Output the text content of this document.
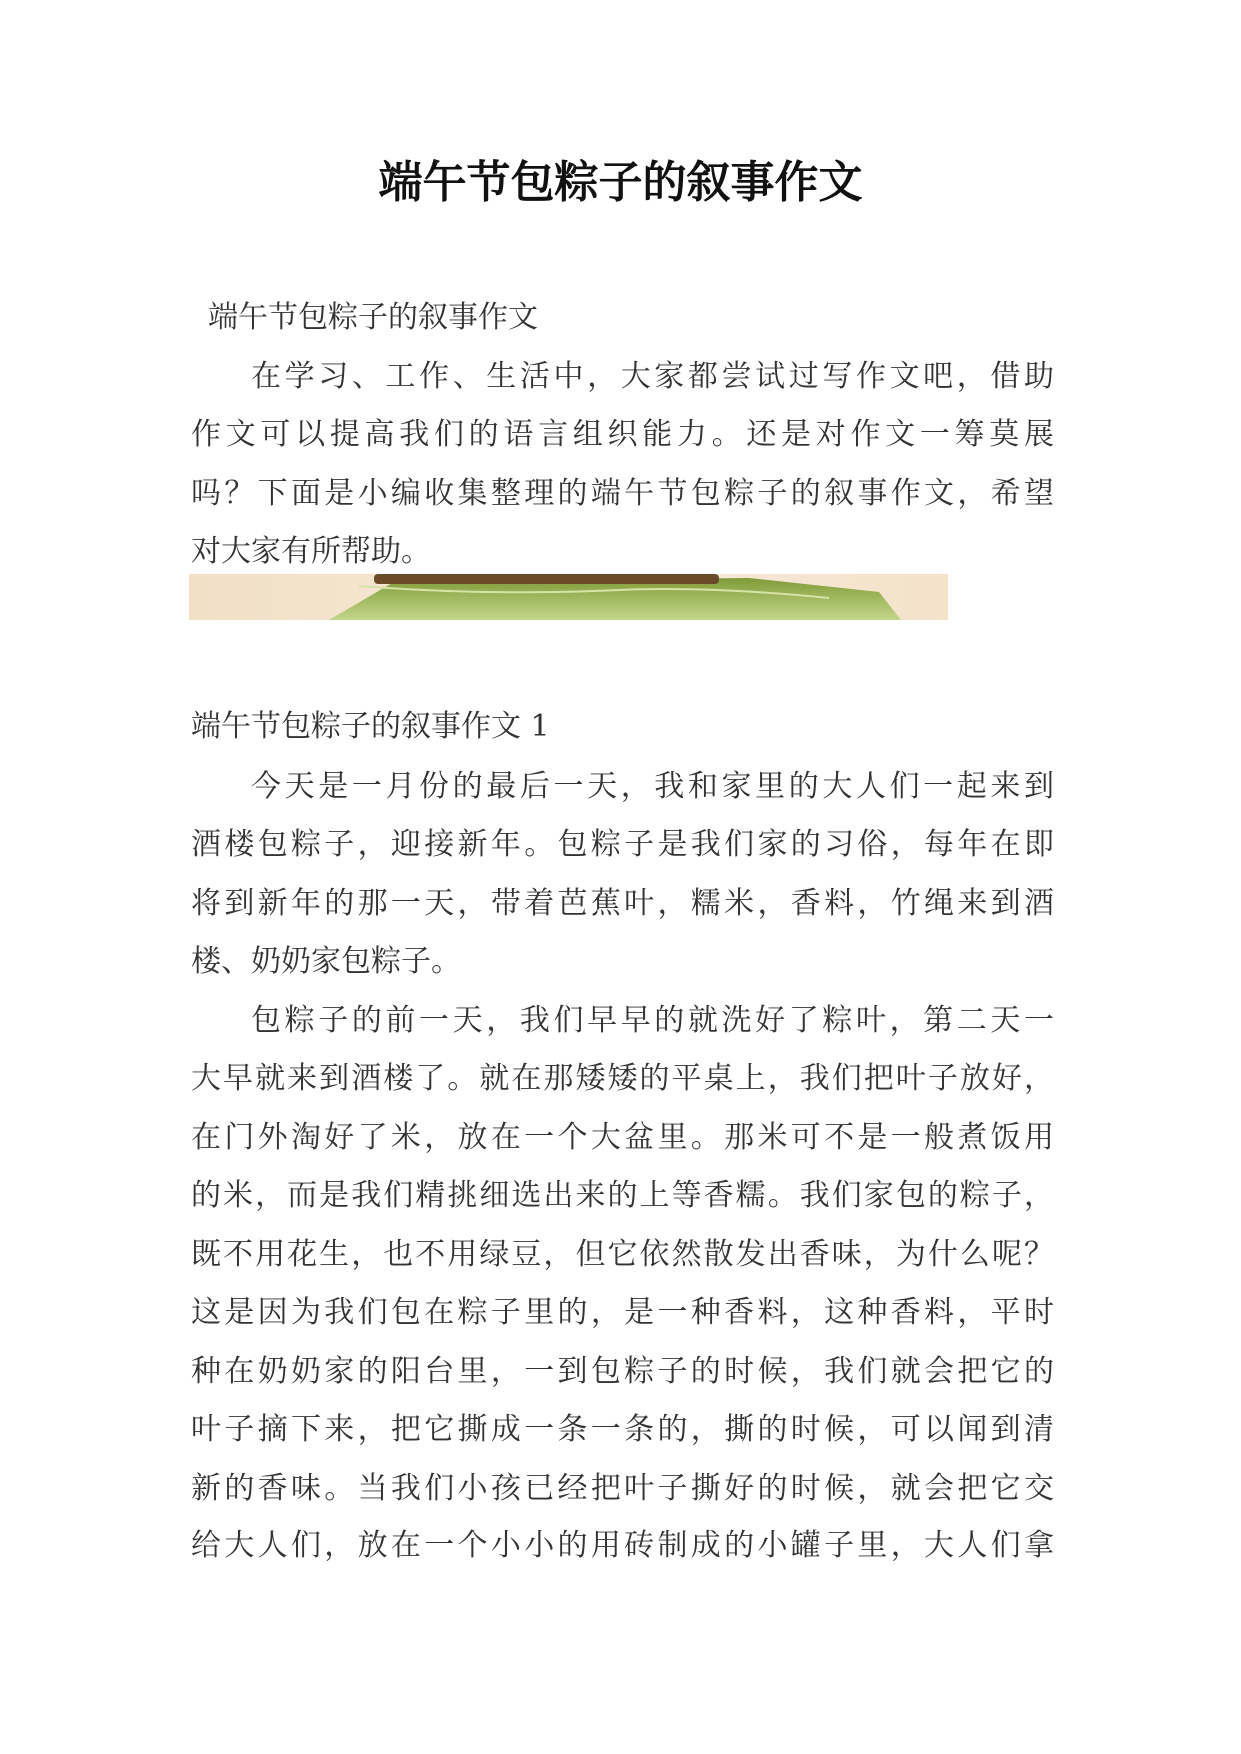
端午节包粽子的叙事作文
端午节包粽子的叙事作文
在学习、工作、生活中，大家都尝试过写作文吧，借助
作文可以提高我们的语言组织能力。还是对作文一筹莫展
吗？下面是小编收集整理的端午节包粽子的叙事作文，希望
对大家有所帮助。
端午节包粽子的叙事作文 1
今天是一月份的最后一天，我和家里的大人们一起来到
酒楼包粽子，迎接新年。包粽子是我们家的习俗，每年在即
将到新年的那一天，带着芭蕉叶，糯米，香料，竹绳来到酒
楼、奶奶家包粽子。
包粽子的前一天，我们早早的就洗好了粽叶，第二天一
大早就来到酒楼了。就在那矮矮的平桌上，我们把叶子放好，
在门外淘好了米，放在一个大盆里。那米可不是一般煮饭用
的米，而是我们精挑细选出来的上等香糯。我们家包的粽子，
既不用花生，也不用绿豆，但它依然散发出香味，为什么呢？
这是因为我们包在粽子里的，是一种香料，这种香料，平时
种在奶奶家的阳台里，一到包粽子的时候，我们就会把它的
叶子摘下来，把它撕成一条一条的，撕的时候，可以闻到清
新的香味。当我们小孩已经把叶子撕好的时候，就会把它交
给大人们，放在一个小小的用砖制成的小罐子里，大人们拿
